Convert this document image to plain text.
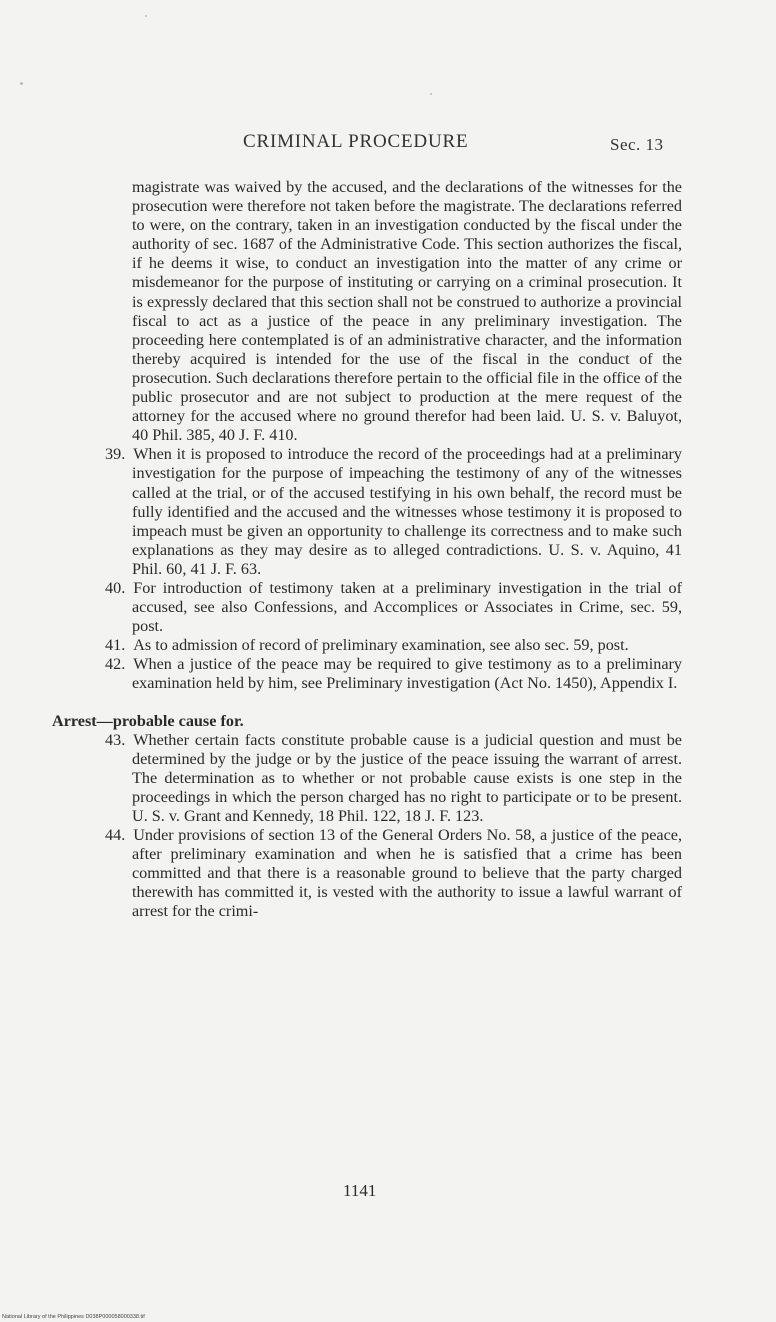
CRIMINAL PROCEDURE	Sec. 13

magistrate was waived by the accused, and the declarations of the witnesses for the prosecution were therefore not taken before the magistrate. The declarations referred to were, on the contrary, taken in an investigation conducted by the fiscal under the authority of sec. 1687 of the Administrative Code. This section authorizes the fiscal, if he deems it wise, to conduct an investigation into the matter of any crime or misdemeanor for the purpose of instituting or carrying on a criminal prosecution. It is expressly declared that this section shall not be construed to authorize a provincial fiscal to act as a justice of the peace in any preliminary investigation. The proceeding here contemplated is of an administrative character, and the information thereby acquired is intended for the use of the fiscal in the conduct of the prosecution. Such declarations therefore pertain to the official file in the office of the public prosecutor and are not subject to production at the mere request of the attorney for the accused where no ground therefor had been laid. U. S. v. Baluyot, 40 Phil. 385, 40 J. F. 410.

39. When it is proposed to introduce the record of the proceedings had at a preliminary investigation for the purpose of impeaching the testimony of any of the witnesses called at the trial, or of the accused testifying in his own behalf, the record must be fully identified and the accused and the witnesses whose testimony it is proposed to impeach must be given an opportunity to challenge its correctness and to make such explanations as they may desire as to alleged contradictions. U. S. v. Aquino, 41 Phil. 60, 41 J. F. 63.

40. For introduction of testimony taken at a preliminary investigation in the trial of accused, see also Confessions, and Accomplices or Associates in Crime, sec. 59, post.

41. As to admission of record of preliminary examination, see also sec. 59, post.

42. When a justice of the peace may be required to give testimony as to a preliminary examination held by him, see Preliminary investigation (Act No. 1450), Appendix I.

Arrest—probable cause for.

43. Whether certain facts constitute probable cause is a judicial question and must be determined by the judge or by the justice of the peace issuing the warrant of arrest. The determination as to whether or not probable cause exists is one step in the proceedings in which the person charged has no right to participate or to be present. U. S. v. Grant and Kennedy, 18 Phil. 122, 18 J. F. 123.

44. Under provisions of section 13 of the General Orders No. 58, a justice of the peace, after preliminary examination and when he is satisfied that a crime has been committed and that there is a reasonable ground to believe that the party charged therewith has committed it, is vested with the authority to issue a lawful warrant of arrest for the crimi-

1141
National Library of the Philippines D038P000058000338.tif
